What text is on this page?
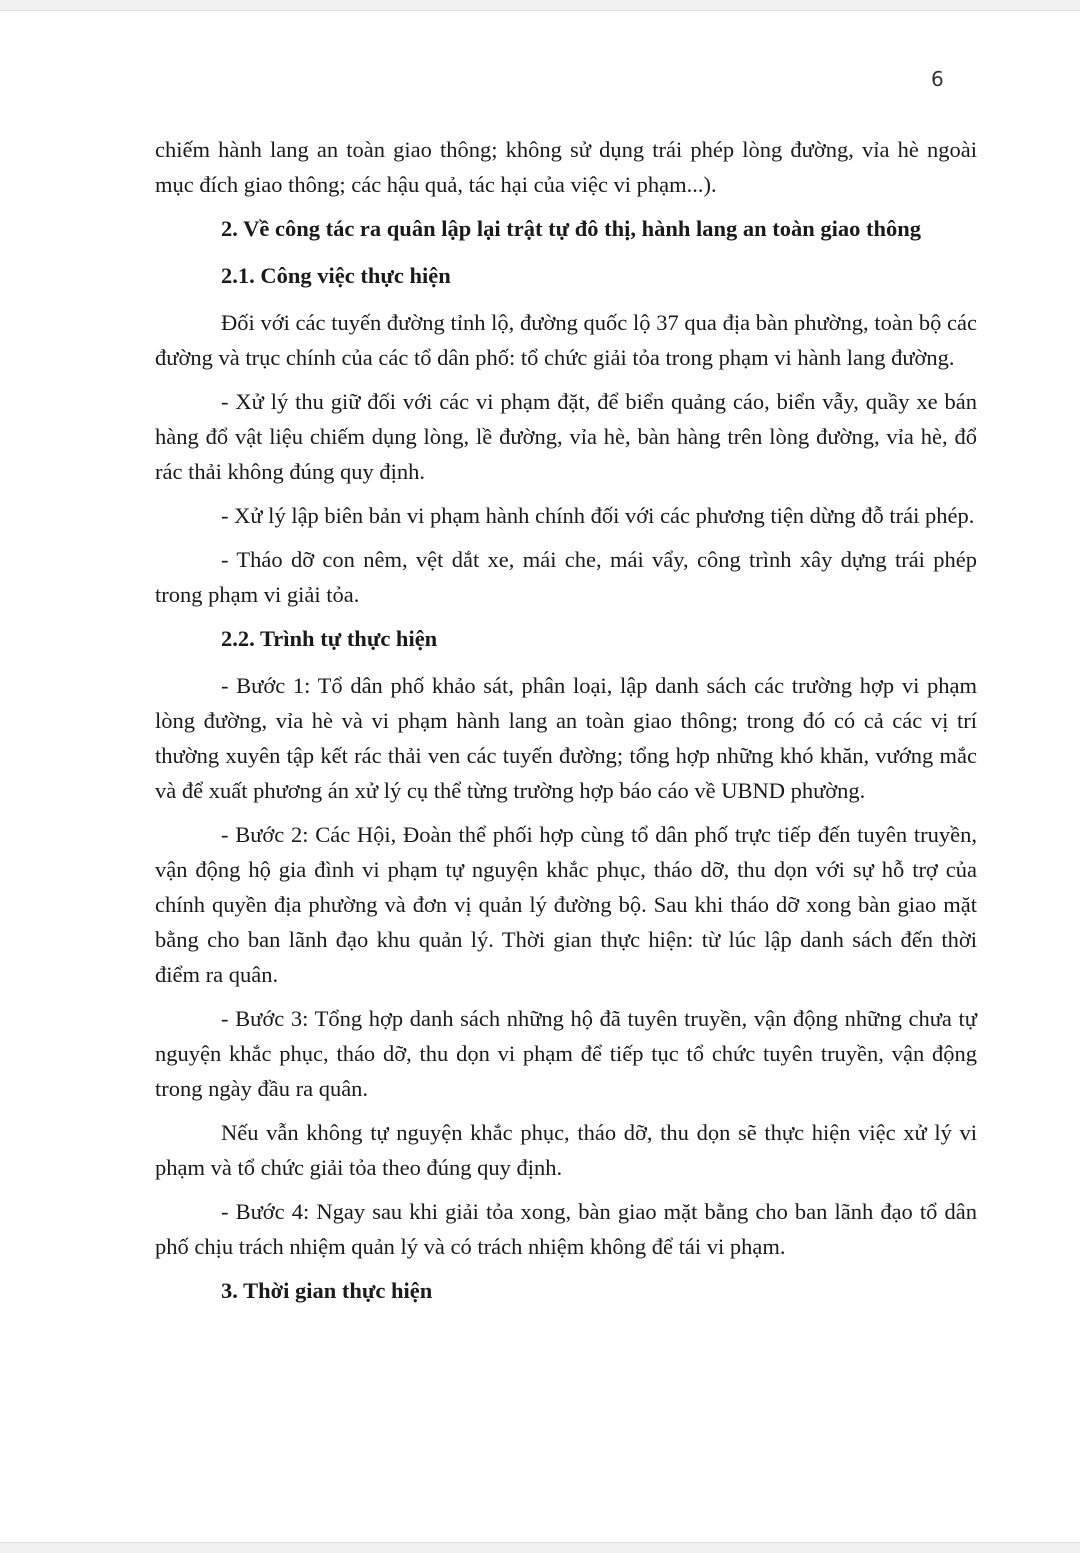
6

chiếm hành lang an toàn giao thông; không sử dụng trái phép lòng đường, vỉa hè ngoài mục đích giao thông; các hậu quả, tác hại của việc vi phạm...).

2. Về công tác ra quân lập lại trật tự đô thị, hành lang an toàn giao thông

2.1. Công việc thực hiện

Đối với các tuyến đường tỉnh lộ, đường quốc lộ 37 qua địa bàn phường, toàn bộ các đường và trục chính của các tổ dân phố: tổ chức giải tỏa trong phạm vi hành lang đường.

- Xử lý thu giữ đối với các vi phạm đặt, để biển quảng cáo, biển vẫy, quầy xe bán hàng đổ vật liệu chiếm dụng lòng, lề đường, vỉa hè, bàn hàng trên lòng đường, vỉa hè, đổ rác thải không đúng quy định.

- Xử lý lập biên bản vi phạm hành chính đối với các phương tiện dừng đỗ trái phép.

- Tháo dỡ con nêm, vệt dắt xe, mái che, mái vẩy, công trình xây dựng trái phép trong phạm vi giải tỏa.

2.2. Trình tự thực hiện

- Bước 1: Tổ dân phố khảo sát, phân loại, lập danh sách các trường hợp vi phạm lòng đường, vỉa hè và vi phạm hành lang an toàn giao thông; trong đó có cả các vị trí thường xuyên tập kết rác thải ven các tuyến đường; tổng hợp những khó khăn, vướng mắc và để xuất phương án xử lý cụ thể từng trường hợp báo cáo về UBND phường.

- Bước 2: Các Hội, Đoàn thể phối hợp cùng tổ dân phố trực tiếp đến tuyên truyền, vận động hộ gia đình vi phạm tự nguyện khắc phục, tháo dỡ, thu dọn với sự hỗ trợ của chính quyền địa phường và đơn vị quản lý đường bộ. Sau khi tháo dỡ xong bàn giao mặt bằng cho ban lãnh đạo khu quản lý. Thời gian thực hiện: từ lúc lập danh sách đến thời điểm ra quân.

- Bước 3: Tổng hợp danh sách những hộ đã tuyên truyền, vận động những chưa tự nguyện khắc phục, tháo dỡ, thu dọn vi phạm để tiếp tục tổ chức tuyên truyền, vận động trong ngày đầu ra quân.

Nếu vẫn không tự nguyện khắc phục, tháo dỡ, thu dọn sẽ thực hiện việc xử lý vi phạm và tổ chức giải tỏa theo đúng quy định.

- Bước 4: Ngay sau khi giải tỏa xong, bàn giao mặt bằng cho ban lãnh đạo tổ dân phố chịu trách nhiệm quản lý và có trách nhiệm không để tái vi phạm.

3. Thời gian thực hiện
